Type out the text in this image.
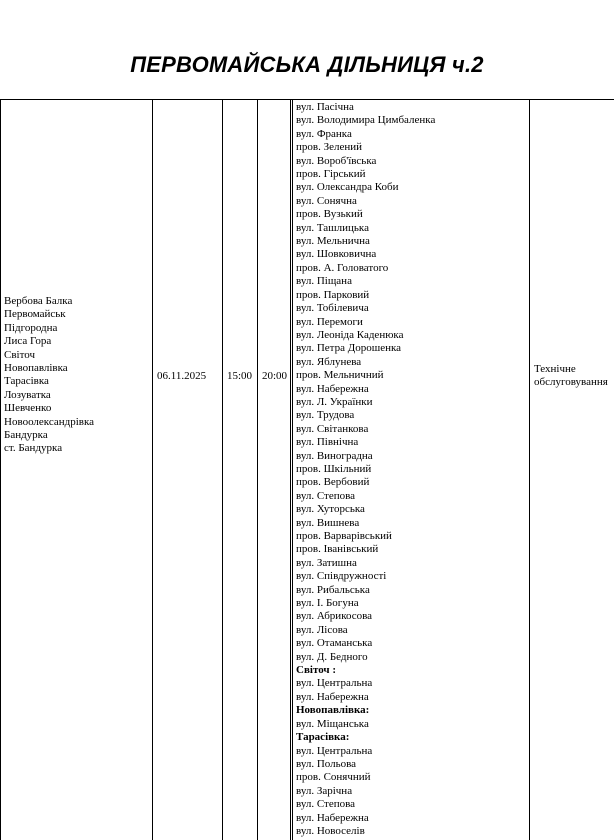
ПЕРВОМАЙСЬКА ДІЛЬНИЦЯ ч.2
Вербова Балка
Первомайськ
Підгородна
Лиса Гора
Світоч
Новопавлівка
Тарасівка
Лозуватка
Шевченко
Новоолександрівка
Бандурка
ст. Бандурка
06.11.2025 15:00 20:00
вул. Пасічна
вул. Володимира Цимбаленка
вул. Франка
пров. Зелений
вул. Вороб'ївська
пров. Гірський
вул. Олександра Коби
вул. Сонячна
пров. Вузький
вул. Ташлицька
вул. Мельнична
вул. Шовковична
пров. А. Головатого
вул. Піщана
пров. Парковий
вул. Тобілевича
вул. Перемоги
вул. Леоніда Каденюка
вул. Петра Дорошенка
вул. Яблунева
пров. Мельничний
вул. Набережна
вул. Л. Українки
вул. Трудова
вул. Світанкова
вул. Північна
вул. Виноградна
пров. Шкільний
пров. Вербовий
вул. Степова
вул. Хуторська
вул. Вишнева
пров. Варварівський
пров. Іванівський
вул. Затишна
вул. Співдружності
вул. Рибальська
вул. І. Богуна
вул. Абрикосова
вул. Лісова
вул. Отаманська
вул. Д. Бедного
Світоч :
вул. Центральна
вул. Набережна
Новопавлівка:
вул. Міщанська
Тарасівка:
вул. Центральна
вул. Польова
пров. Сонячний
вул. Зарічна
вул. Степова
вул. Набережна
вул. Новоселів
Технічне
обслуговування
